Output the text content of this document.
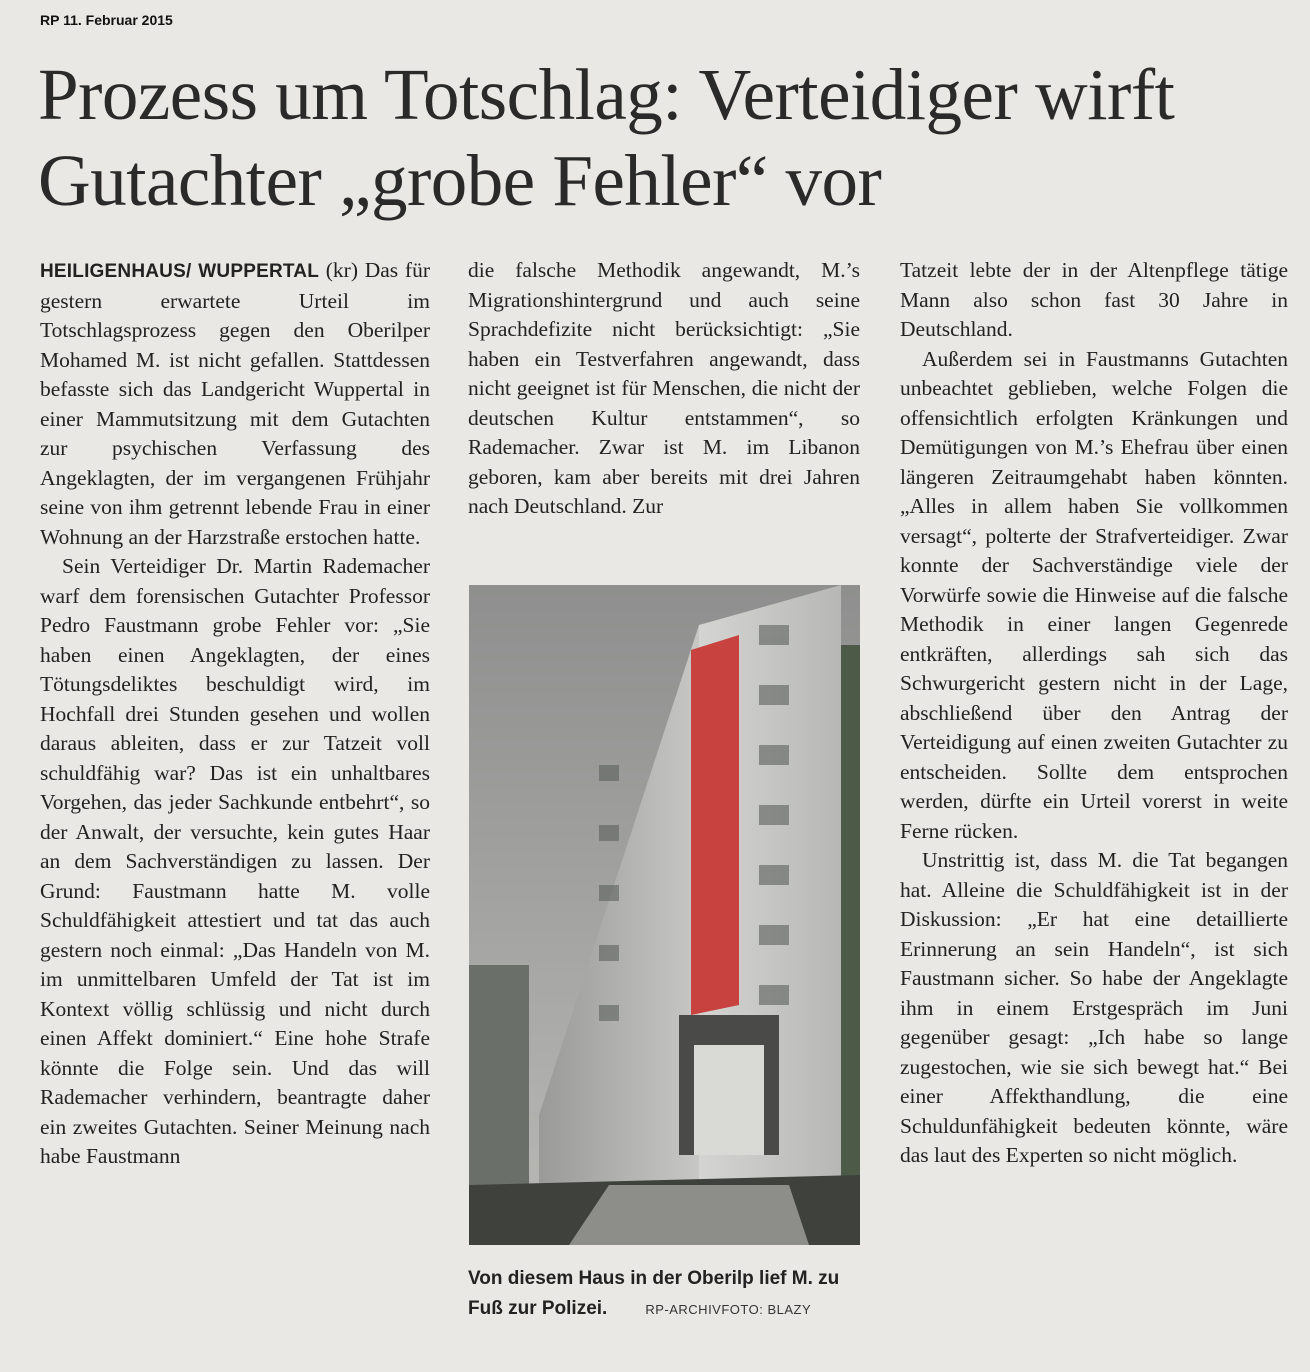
RP 11. Februar 2015
Prozess um Totschlag: Verteidiger wirft Gutachter „grobe Fehler“ vor

HEILIGENHAUS/ WUPPERTAL (kr) Das für gestern erwartete Urteil im Totschlagsprozess gegen den Oberilper Mohamed M. ist nicht gefallen. Stattdessen befasste sich das Landgericht Wuppertal in einer Mammutsitzung mit dem Gutachten zur psychischen Verfassung des Angeklagten, der im vergangenen Frühjahr seine von ihm getrennt lebende Frau in einer Wohnung an der Harzstraße erstochen hatte.

Sein Verteidiger Dr. Martin Rademacher warf dem forensischen Gutachter Professor Pedro Faustmann grobe Fehler vor: „Sie haben einen Angeklagten, der eines Tötungsdeliktes beschuldigt wird, im Hochfall drei Stunden gesehen und wollen daraus ableiten, dass er zur Tatzeit voll schuldfähig war? Das ist ein unhaltbares Vorgehen, das jeder Sachkunde entbehrt“, so der Anwalt, der versuchte, kein gutes Haar an dem Sachverständigen zu lassen. Der Grund: Faustmann hatte M. volle Schuldfähigkeit attestiert und tat das auch gestern noch einmal: „Das Handeln von M. im unmittelbaren Umfeld der Tat ist im Kontext völlig schlüssig und nicht durch einen Affekt dominiert.“ Eine hohe Strafe könnte die Folge sein. Und das will Rademacher verhindern, beantragte daher ein zweites Gutachten. Seiner Meinung nach habe Faustmann

die falsche Methodik angewandt, M.’s Migrationshintergrund und auch seine Sprachdefizite nicht berücksichtigt: „Sie haben ein Testverfahren angewandt, dass nicht geeignet ist für Menschen, die nicht der deutschen Kultur entstammen“, so Rademacher. Zwar ist M. im Libanon geboren, kam aber bereits mit drei Jahren nach Deutschland. Zur

Von diesem Haus in der Oberilp lief M. zu Fuß zur Polizei.	RP-ARCHIVFOTO: BLAZY

Tatzeit lebte der in der Altenpflege tätige Mann also schon fast 30 Jahre in Deutschland.

Außerdem sei in Faustmanns Gutachten unbeachtet geblieben, welche Folgen die offensichtlich erfolgten Kränkungen und Demütigungen von M.’s Ehefrau über einen längeren Zeitraumgehabt haben könnten. „Alles in allem haben Sie vollkommen versagt“, polterte der Strafverteidiger. Zwar konnte der Sachverständige viele der Vorwürfe sowie die Hinweise auf die falsche Methodik in einer langen Gegenrede entkräften, allerdings sah sich das Schwurgericht gestern nicht in der Lage, abschließend über den Antrag der Verteidigung auf einen zweiten Gutachter zu entscheiden. Sollte dem entsprochen werden, dürfte ein Urteil vorerst in weite Ferne rücken.

Unstrittig ist, dass M. die Tat begangen hat. Alleine die Schuldfähigkeit ist in der Diskussion: „Er hat eine detaillierte Erinnerung an sein Handeln“, ist sich Faustmann sicher. So habe der Angeklagte ihm in einem Erstgespräch im Juni gegenüber gesagt: „Ich habe so lange zugestochen, wie sie sich bewegt hat.“ Bei einer Affekthandlung, die eine Schuldunfähigkeit bedeuten könnte, wäre das laut des Experten so nicht möglich.
